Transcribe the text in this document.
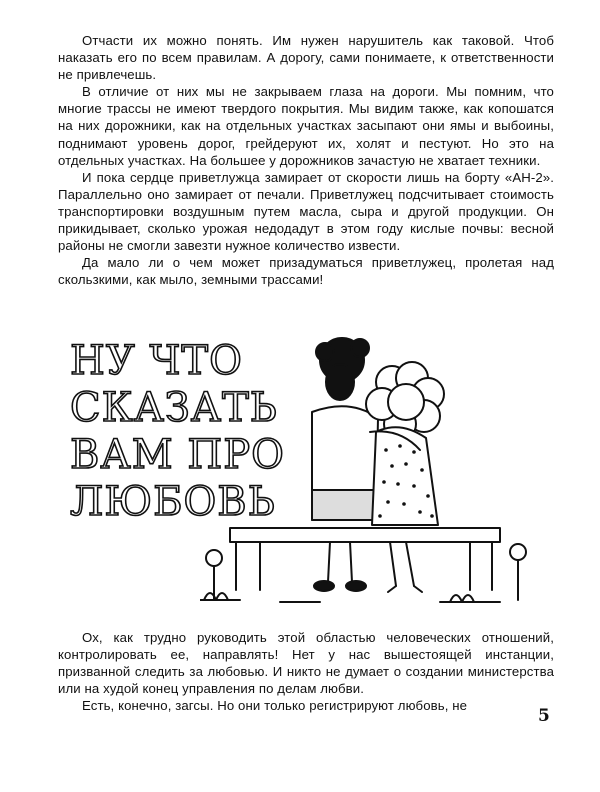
Отчасти их можно понять. Им нужен нарушитель как таковой. Чтоб наказать его по всем правилам. А дорогу, сами понимаете, к ответственности не привлечешь.

В отличие от них мы не закрываем глаза на дороги. Мы помним, что многие трассы не имеют твердого покрытия. Мы видим также, как копошатся на них дорожники, как на отдельных участках засыпают они ямы и выбоины, поднимают уровень дорог, грейдеруют их, холят и пестуют. Но это на отдельных участках. На большее у дорожников зачастую не хватает техники.

И пока сердце приветлужца замирает от скорости лишь на борту «АН-2». Параллельно оно замирает от печали. Приветлужец подсчитывает стоимость транспортировки воздушным путем масла, сыра и другой продукции. Он прикидывает, сколько урожая недодадут в этом году кислые почвы: весной районы не смогли завезти нужное количество извести.

Да мало ли о чем может призадуматься приветлужец, пролетая над скользкими, как мыло, земными трассами!

НУ ЧТО
СКАЗАТЬ
ВАМ ПРО
ЛЮБОВЬ

Ох, как трудно руководить этой областью человеческих отношений, контролировать ее, направлять! Нет у нас вышестоящей инстанции, призванной следить за любовью. И никто не думает о создании министерства или на худой конец управления по делам любви.

Есть, конечно, загсы. Но они только регистрируют любовь, не

5
